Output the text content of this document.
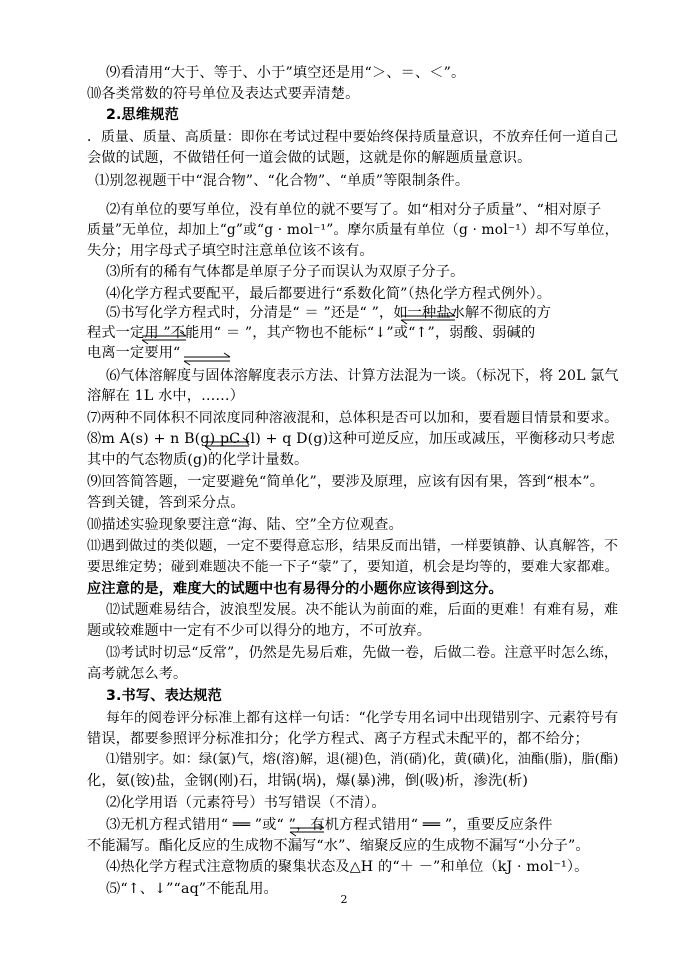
⑼看清用“大于、等于、小于”填空还是用“＞、＝、＜”。
⑽各类常数的符号单位及表达式要弄清楚。
2.思维规范
．质量、质量、高质量：即你在考试过程中要始终保持质量意识，不放弃任何一道自己
会做的试题，不做错任何一道会做的试题，这就是你的解题质量意识。
⑴别忽视题干中“混合物”、“化合物”、“单质”等限制条件。
⑵有单位的要写单位，没有单位的就不要写了。如“相对分子质量”、“相对原子
质量”无单位，却加上“g”或“g · mol⁻¹”。摩尔质量有单位（g · mol⁻¹）却不写单位，
失分；用字母式子填空时注意单位该不该有。
⑶所有的稀有气体都是单原子分子而误认为双原子分子。
⑷化学方程式要配平，最后都要进行“系数化简”（热化学方程式例外）。
⑸书写化学方程式时，分清是“ ＝ ”还是“ ”，如一种盐水解不彻底的方
程式一定用 ”不能用“ ＝ ”，其产物也不能标“↓”或“↑”，弱酸、弱碱的
电离一定要用“
⑹气体溶解度与固体溶解度表示方法、计算方法混为一谈。（标况下，将 20L 氯气
溶解在 1L 水中，……）
⑺两种不同体积不同浓度同种溶液混和，总体积是否可以加和，要看题目情景和要求。
⑻m A(s) + n B(g) pC (l) + q D(g)这种可逆反应，加压或减压，平衡移动只考虑
其中的气态物质(g)的化学计量数。
⑼回答简答题，一定要避免“简单化”，要涉及原理，应该有因有果，答到“根本”。
答到关键，答到采分点。
⑽描述实验现象要注意“海、陆、空”全方位观查。
⑾遇到做过的类似题，一定不要得意忘形，结果反而出错，一样要镇静、认真解答，不
要思维定势；碰到难题决不能一下子“蒙”了，要知道，机会是均等的，要难大家都难。
应注意的是，难度大的试题中也有易得分的小题你应该得到这分。
⑿试题难易结合，波浪型发展。决不能认为前面的难，后面的更难！有难有易，难
题或较难题中一定有不少可以得分的地方，不可放弃。
⒀考试时切忌“反常”，仍然是先易后难，先做一卷，后做二卷。注意平时怎么练，
高考就怎么考。
3.书写、表达规范
每年的阅卷评分标准上都有这样一句话：“化学专用名词中出现错别字、元素符号有
错误，都要参照评分标准扣分；化学方程式、离子方程式未配平的，都不给分；
⑴错别字。如：绿(氯)气，熔(溶)解，退(褪)色，消(硝)化，黄(磺)化，油酯(脂)，脂(酯)
化，氨(铵)盐，金钢(刚)石，坩锅(埚)，爆(暴)沸，倒(吸)析，渗洗(析)
⑵化学用语（元素符号）书写错误（不清）。
⑶无机方程式错用“ ══ ”或“ ”，有机方程式错用“ ══ ”，重要反应条件
不能漏写。酯化反应的生成物不漏写“水”、缩聚反应的生成物不漏写“小分子”。
⑷热化学方程式注意物质的聚集状态及△H 的“＋ －”和单位（kJ · mol⁻¹）。
⑸“↑、↓”“aq”不能乱用。
2
